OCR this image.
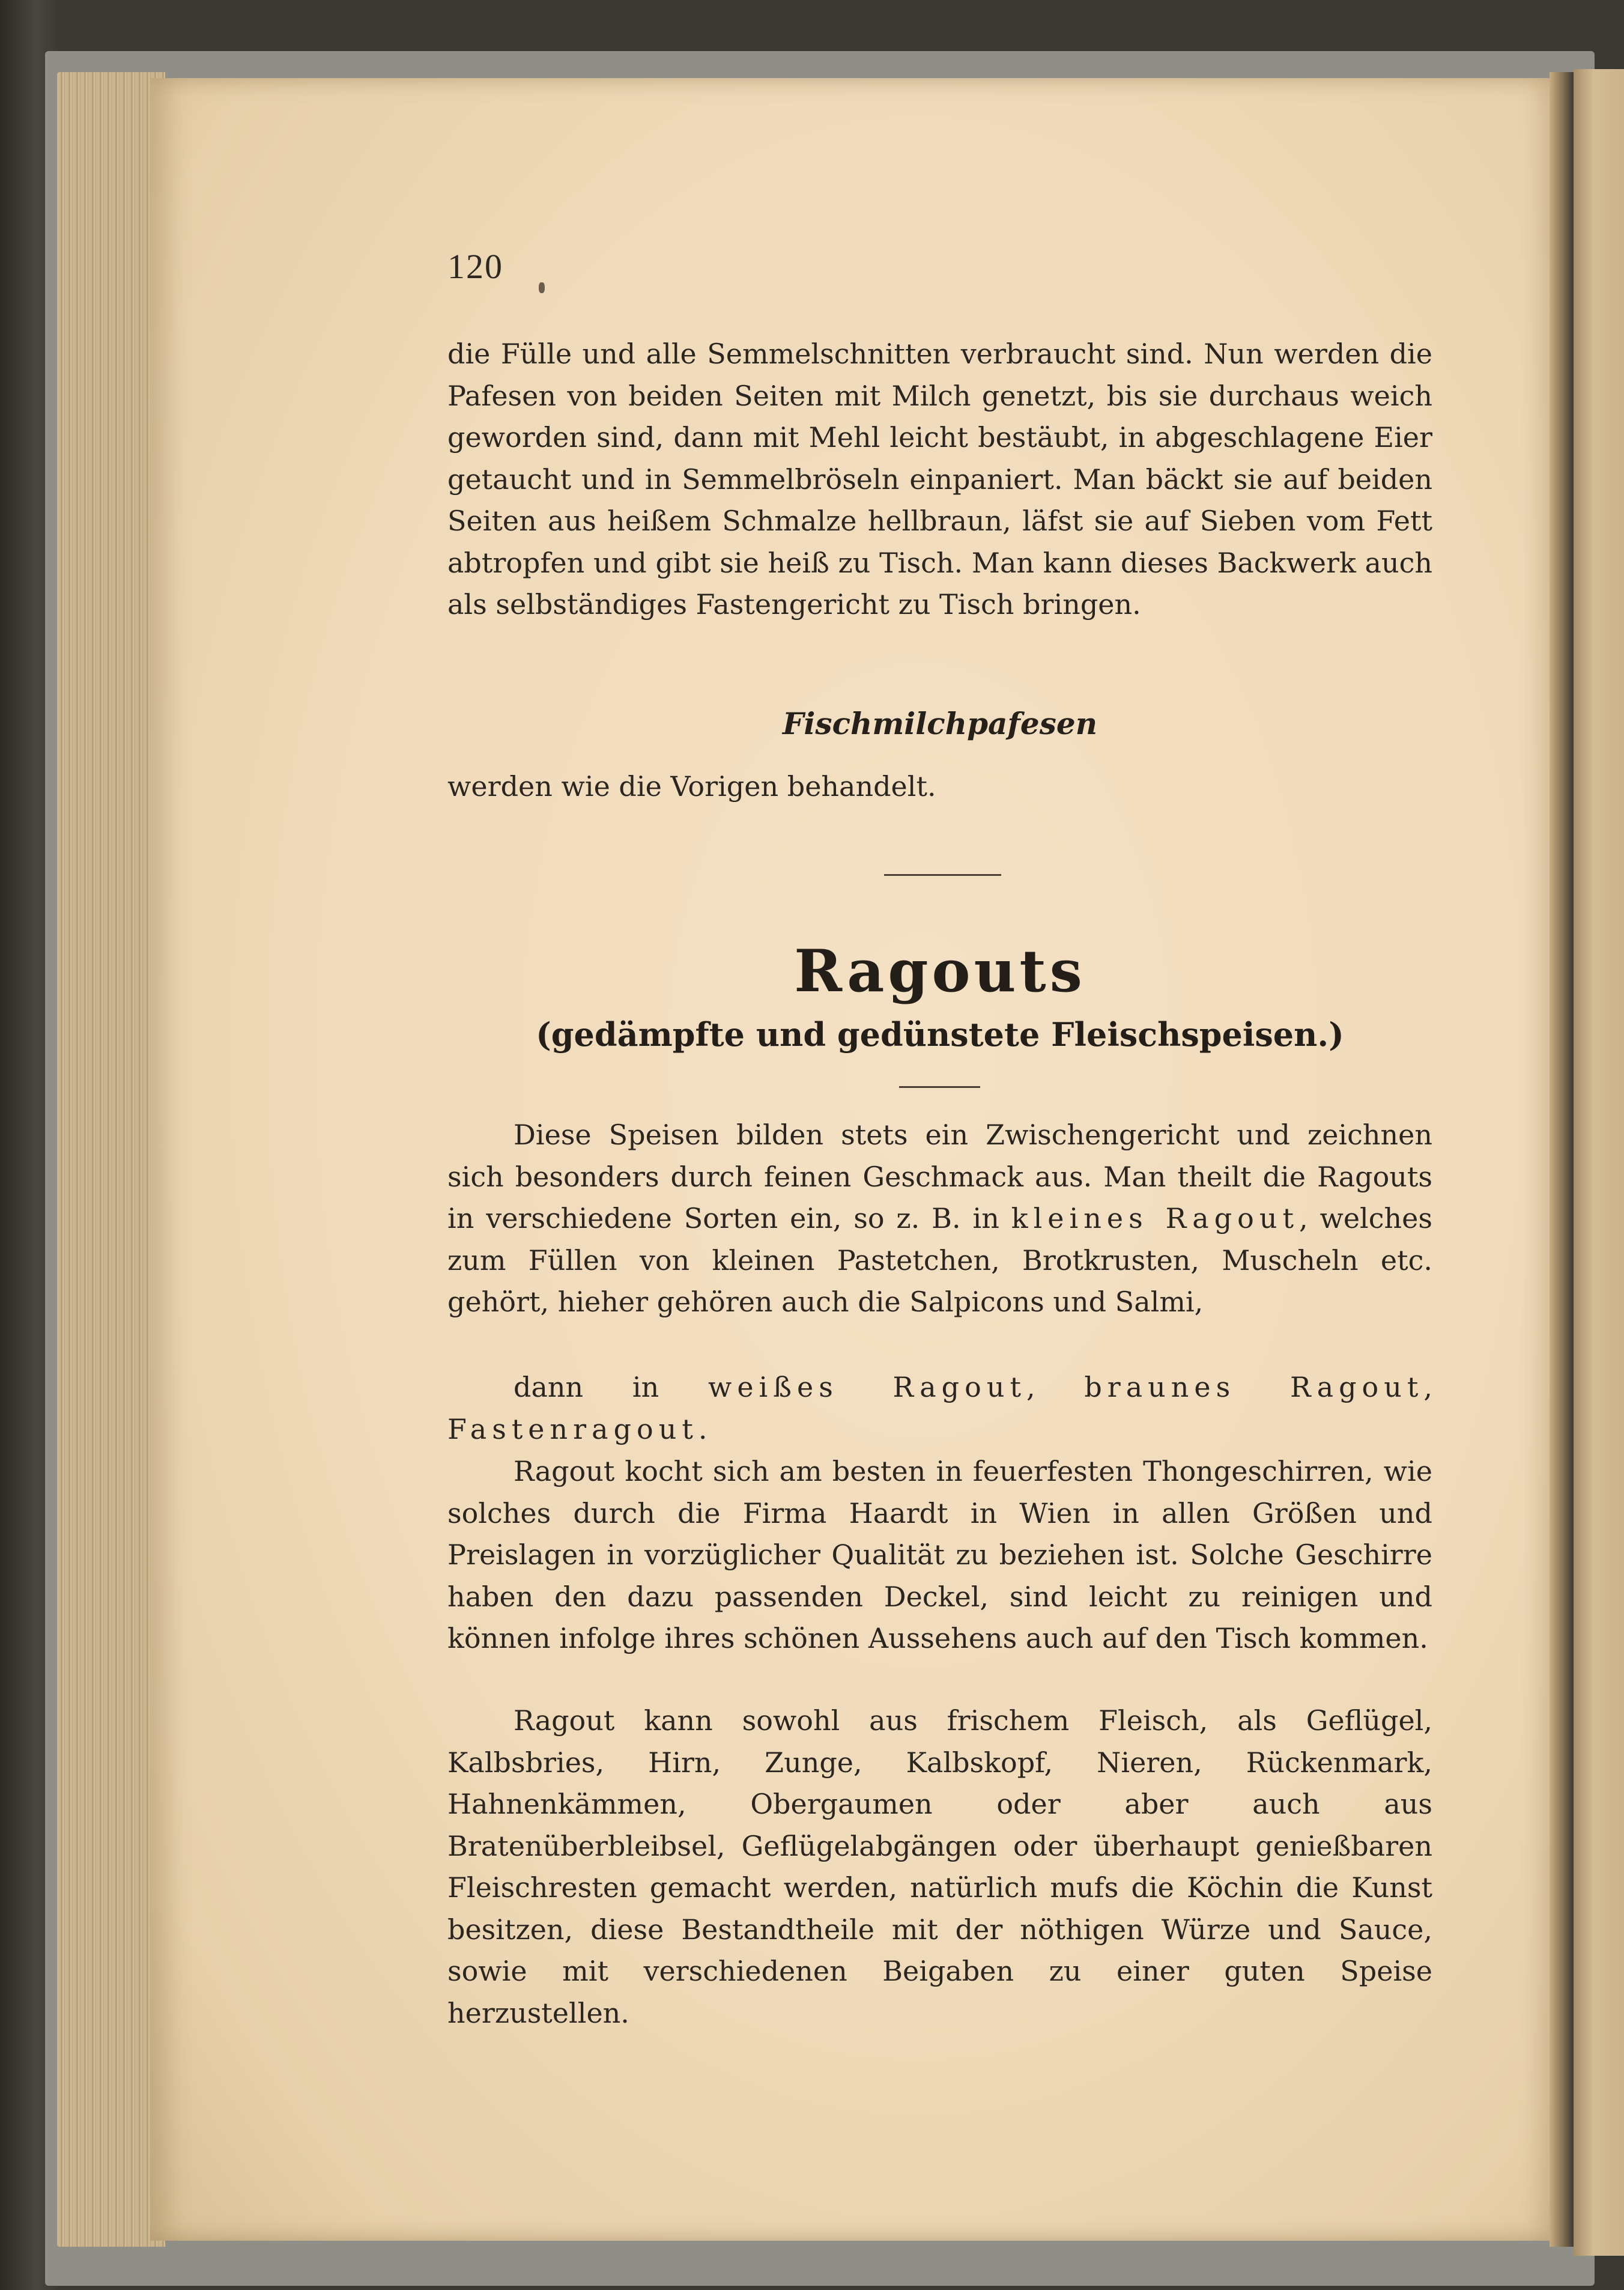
120

die Fülle und alle Semmelschnitten verbraucht sind. Nun werden die Pafesen von beiden Seiten mit Milch genetzt, bis sie durchaus weich geworden sind, dann mit Mehl leicht bestäubt, in abgeschlagene Eier getaucht und in Semmelbröseln einpaniert. Man bäckt sie auf beiden Seiten aus heißem Schmalze hellbraun, läfst sie auf Sieben vom Fett abtropfen und gibt sie heiß zu Tisch. Man kann dieses Backwerk auch als selbständiges Fastengericht zu Tisch bringen.

Fischmilchpafesen

werden wie die Vorigen behandelt.

Ragouts

(gedämpfte und gedünstete Fleischspeisen.)

Diese Speisen bilden stets ein Zwischengericht und zeichnen sich besonders durch feinen Geschmack aus. Man theilt die Ragouts in verschiedene Sorten ein, so z. B. in kleines Ragout, welches zum Füllen von kleinen Pastetchen, Brotkrusten, Muscheln etc. gehört, hieher gehören auch die Salpicons und Salmi,

dann in weißes Ragout, braunes Ragout, Fastenragout.

Ragout kocht sich am besten in feuerfesten Thongeschirren, wie solches durch die Firma Haardt in Wien in allen Größen und Preislagen in vorzüglicher Qualität zu beziehen ist. Solche Geschirre haben den dazu passenden Deckel, sind leicht zu reinigen und können infolge ihres schönen Aussehens auch auf den Tisch kommen.

Ragout kann sowohl aus frischem Fleisch, als Geflügel, Kalbsbries, Hirn, Zunge, Kalbskopf, Nieren, Rückenmark, Hahnenkämmen, Obergaumen oder aber auch aus Bratenüberbleibsel, Geflügelabgängen oder überhaupt genießbaren Fleischresten gemacht werden, natürlich mufs die Köchin die Kunst besitzen, diese Bestandtheile mit der nöthigen Würze und Sauce, sowie mit verschiedenen Beigaben zu einer guten Speise herzustellen.
